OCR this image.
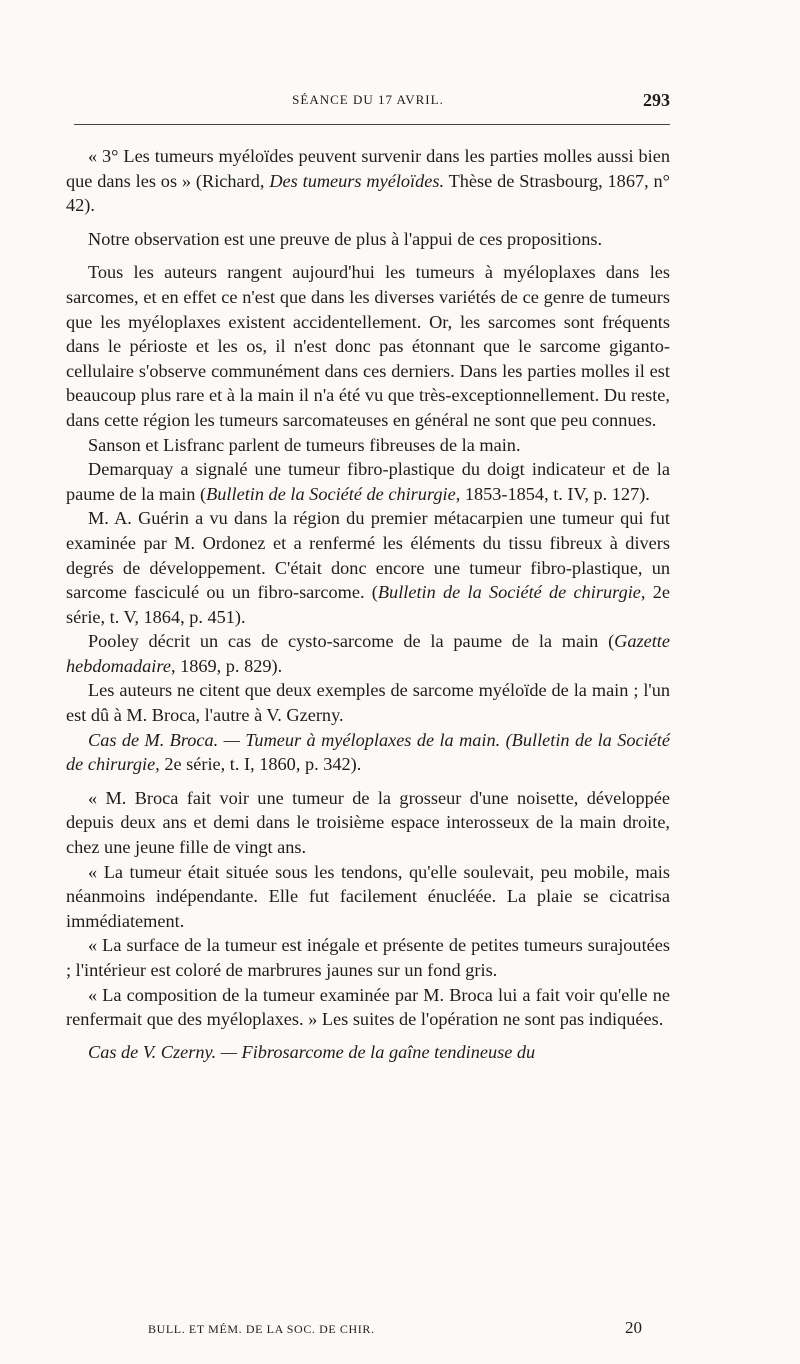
SÉANCE DU 17 AVRIL.	293

« 3° Les tumeurs myéloïdes peuvent survenir dans les parties molles aussi bien que dans les os » (Richard, Des tumeurs myéloïdes. Thèse de Strasbourg, 1867, n° 42).

Notre observation est une preuve de plus à l'appui de ces propositions.

Tous les auteurs rangent aujourd'hui les tumeurs à myéloplaxes dans les sarcomes, et en effet ce n'est que dans les diverses variétés de ce genre de tumeurs que les myéloplaxes existent accidentellement. Or, les sarcomes sont fréquents dans le périoste et les os, il n'est donc pas étonnant que le sarcome giganto-cellulaire s'observe communément dans ces derniers. Dans les parties molles il est beaucoup plus rare et à la main il n'a été vu que très-exceptionnellement. Du reste, dans cette région les tumeurs sarcomateuses en général ne sont que peu connues.

Sanson et Lisfranc parlent de tumeurs fibreuses de la main.

Demarquay a signalé une tumeur fibro-plastique du doigt indicateur et de la paume de la main (Bulletin de la Société de chirurgie, 1853-1854, t. IV, p. 127).

M. A. Guérin a vu dans la région du premier métacarpien une tumeur qui fut examinée par M. Ordonez et a renfermé les éléments du tissu fibreux à divers degrés de développement. C'était donc encore une tumeur fibro-plastique, un sarcome fasciculé ou un fibro-sarcome. (Bulletin de la Société de chirurgie, 2e série, t. V, 1864, p. 451).

Pooley décrit un cas de cysto-sarcome de la paume de la main (Gazette hebdomadaire, 1869, p. 829).

Les auteurs ne citent que deux exemples de sarcome myéloïde de la main ; l'un est dû à M. Broca, l'autre à V. Gzerny.

Cas de M. Broca. — Tumeur à myéloplaxes de la main. (Bulletin de la Société de chirurgie, 2e série, t. I, 1860, p. 342).

« M. Broca fait voir une tumeur de la grosseur d'une noisette, développée depuis deux ans et demi dans le troisième espace interosseux de la main droite, chez une jeune fille de vingt ans.

« La tumeur était située sous les tendons, qu'elle soulevait, peu mobile, mais néanmoins indépendante. Elle fut facilement énucléée. La plaie se cicatrisa immédiatement.

« La surface de la tumeur est inégale et présente de petites tumeurs surajoutées ; l'intérieur est coloré de marbrures jaunes sur un fond gris.

« La composition de la tumeur examinée par M. Broca lui a fait voir qu'elle ne renfermait que des myéloplaxes. » Les suites de l'opération ne sont pas indiquées.

Cas de V. Czerny. — Fibrosarcome de la gaîne tendineuse du

BULL. ET MÉM. DE LA SOC. DE CHIR.	20
